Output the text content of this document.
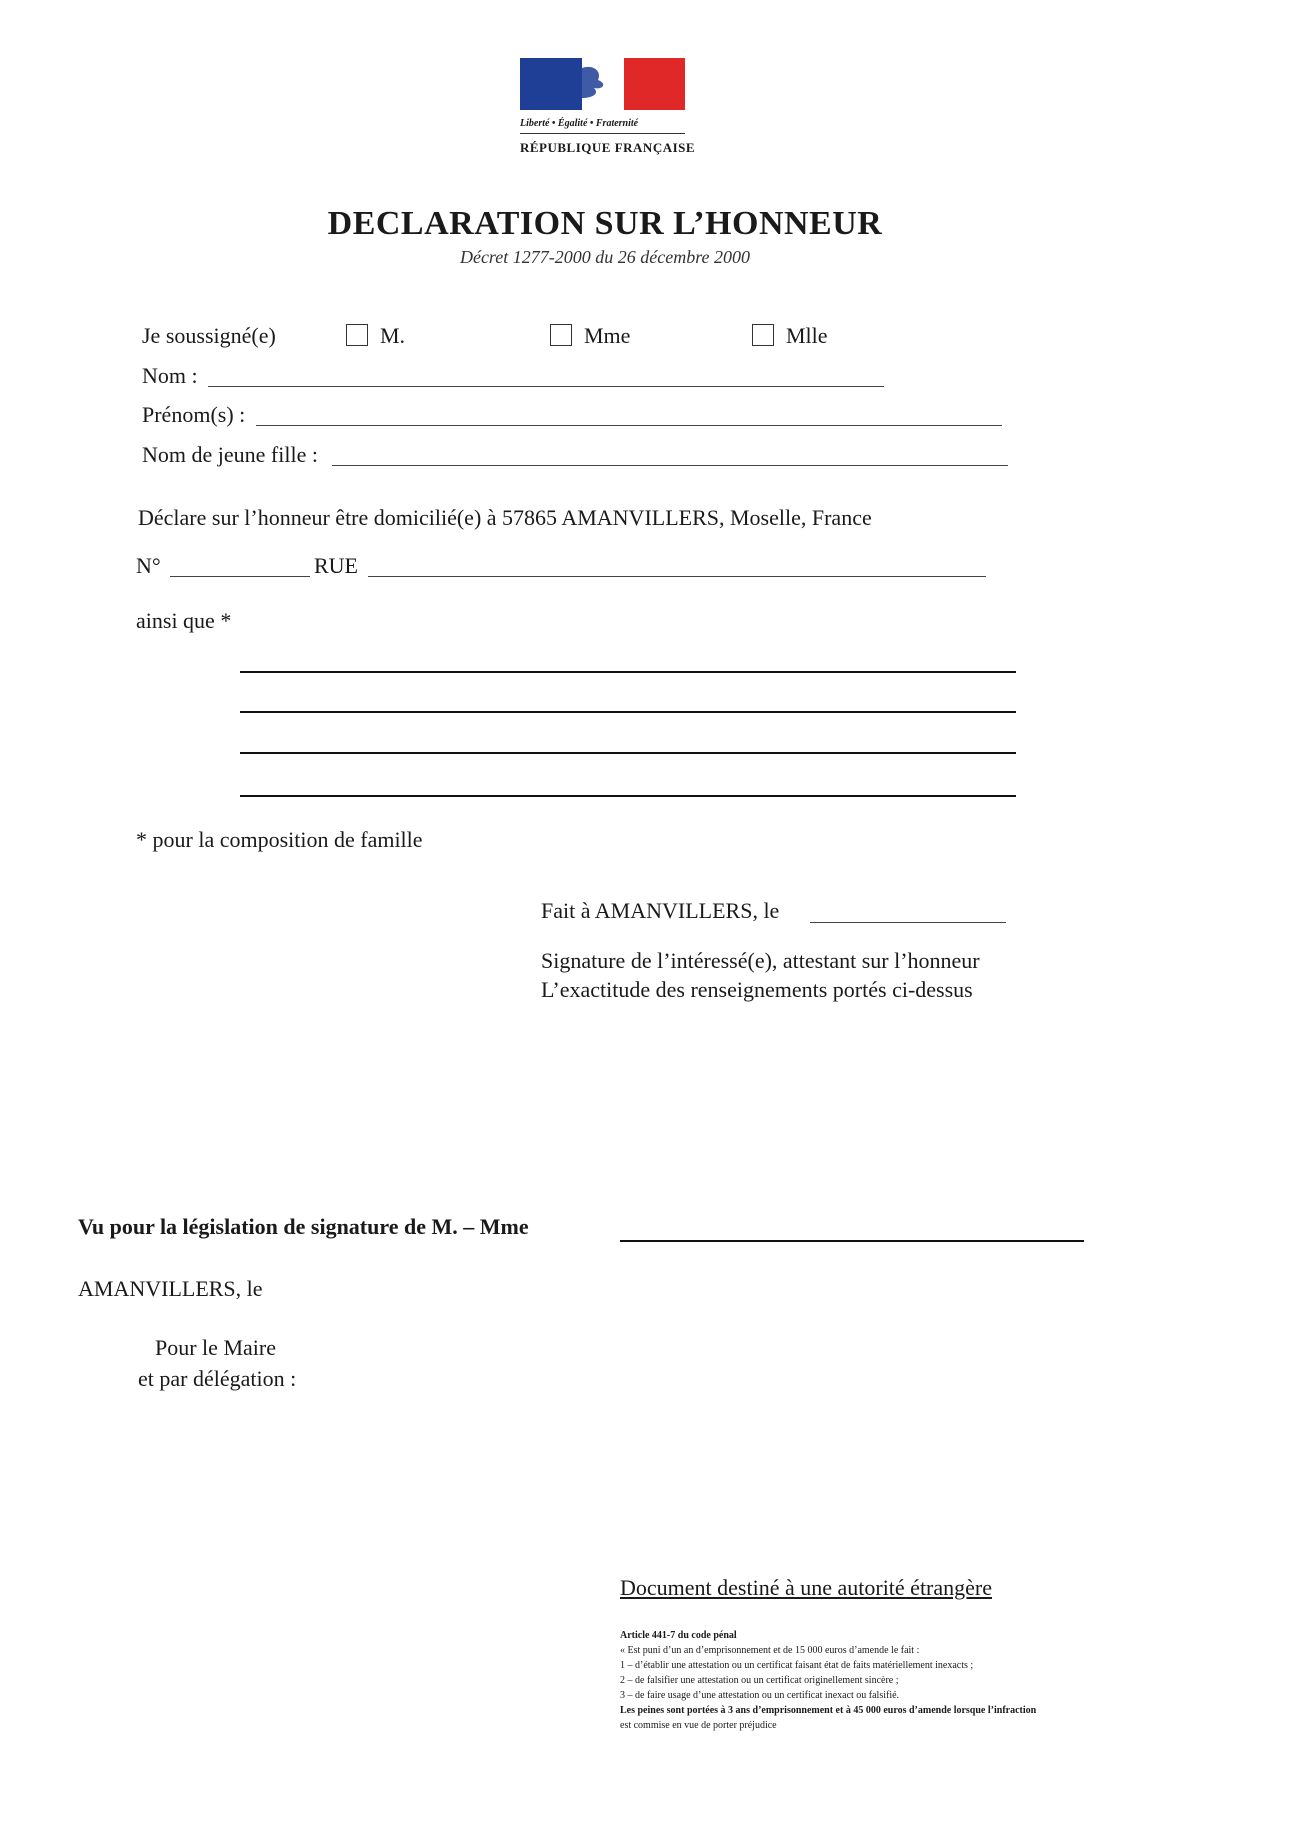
Liberté • Égalité • Fraternité
RÉPUBLIQUE FRANÇAISE
DECLARATION SUR L’HONNEUR
Décret 1277-2000 du 26 décembre 2000
Je soussigné(e)	M.	Mme	Mlle
Nom :
Prénom(s) :
Nom de jeune fille :
Déclare sur l’honneur être domicilié(e) à 57865 AMANVILLERS, Moselle, France
N°	RUE
ainsi que *
* pour la composition de famille
Fait à AMANVILLERS, le
Signature de l’intéressé(e), attestant sur l’honneur
L’exactitude des renseignements portés ci-dessus
Vu pour la législation de signature de M. – Mme
AMANVILLERS, le
Pour le Maire
et par délégation :
Document destiné à une autorité étrangère
Article 441-7 du code pénal
« Est puni d’un an d’emprisonnement et de 15 000 euros d’amende le fait :
1 – d’établir une attestation ou un certificat faisant état de faits matériellement inexacts ;
2 – de falsifier une attestation ou un certificat originellement sincère ;
3 – de faire usage d’une attestation ou un certificat inexact ou falsifié.
Les peines sont portées à 3 ans d’emprisonnement et à 45 000 euros d’amende lorsque l’infraction
est commise en vue de porter préjudice
